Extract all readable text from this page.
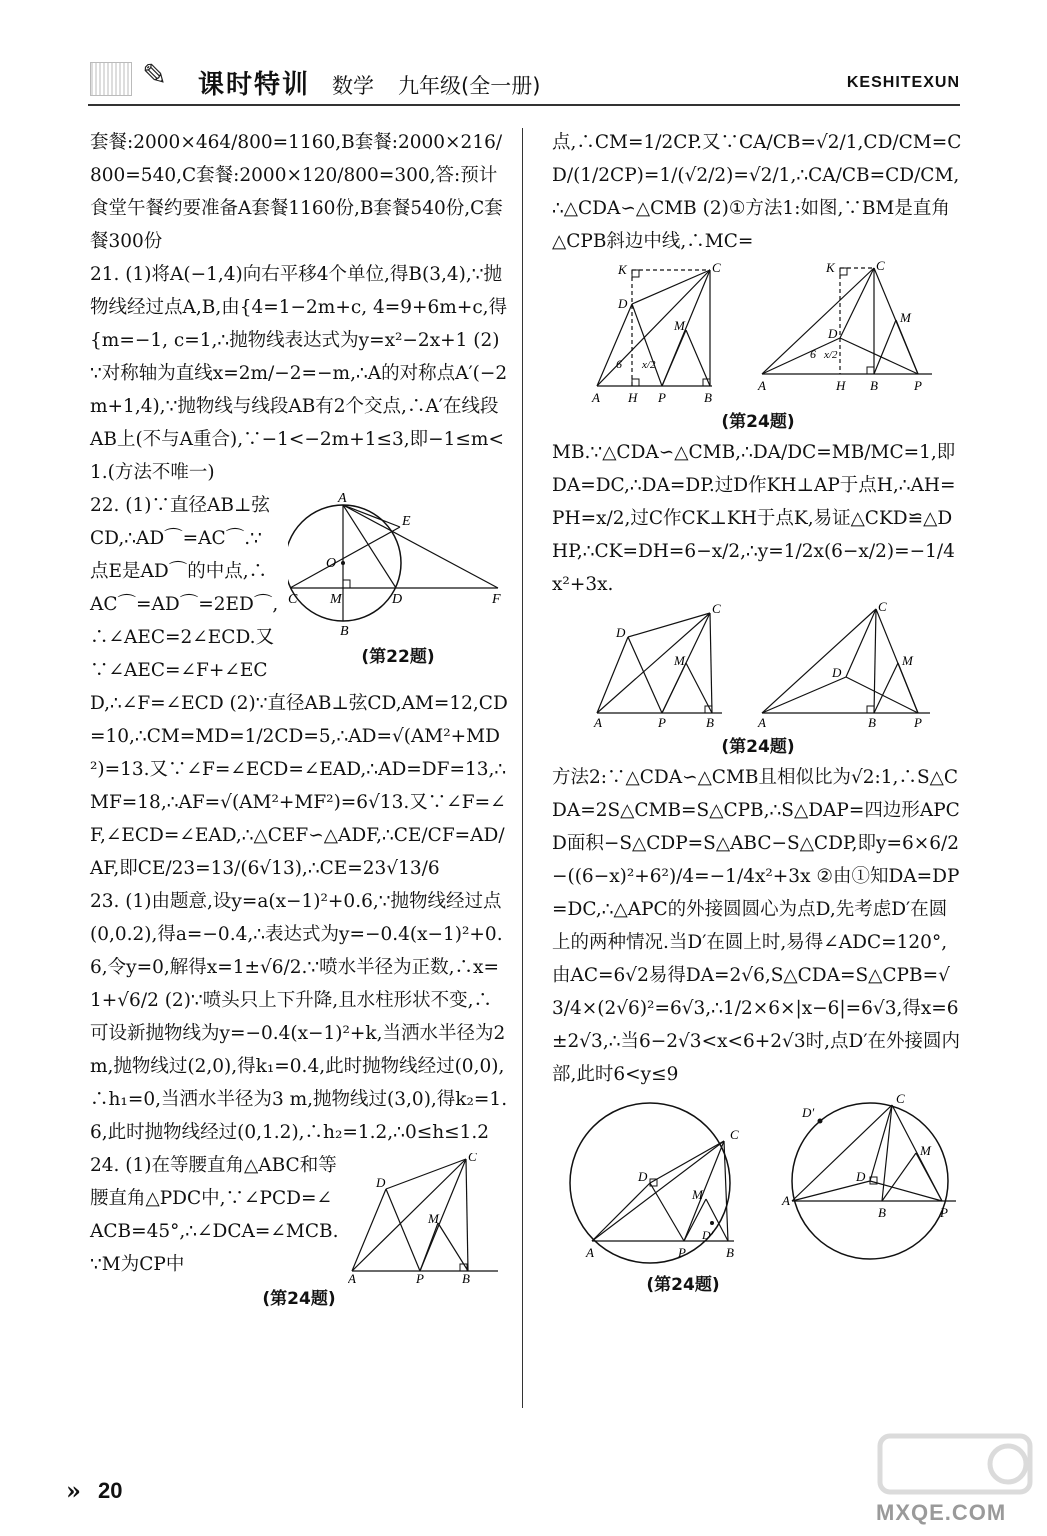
✎ 课时特训 数学 九年级(全一册)	KESHITEXUN

套餐:2000×464/800=1160,B套餐:2000×216/800=540,C套餐:2000×120/800=300,答:预计食堂午餐约要准备A套餐1160份,B套餐540份,C套餐300份

21. (1)将A(−1,4)向右平移4个单位,得B(3,4),∵抛物线经过点A,B,由{4=1−2m+c, 4=9+6m+c,得{m=−1, c=1,∴抛物线表达式为y=x²−2x+1 (2)∵对称轴为直线x=2m/−2=−m,∴A的对称点A′(−2m+1,4),∵抛物线与线段AB有2个交点,∴A′在线段AB上(不与A重合),∵−1<−2m+1≤3,即−1≤m<1.(方法不唯一)

A
E
O
C M	D	F
B
(第22题)

22. (1)∵直径AB⊥弦CD,∴AD⌒=AC⌒.∵点E是AD⌒的中点,∴AC⌒=AD⌒=2ED⌒,∴∠AEC=2∠ECD.又∵∠AEC=∠F+∠ECD,∴∠F=∠ECD (2)∵直径AB⊥弦CD,AM=12,CD=10,∴CM=MD=1/2CD=5,∴AD=√(AM²+MD²)=13.又∵∠F=∠ECD=∠EAD,∴AD=DF=13,∴MF=18,∴AF=√(AM²+MF²)=6√13.又∵∠F=∠F,∠ECD=∠EAD,∴△CEF∽△ADF,∴CE/CF=AD/AF,即CE/23=13/(6√13),∴CE=23√13/6

23. (1)由题意,设y=a(x−1)²+0.6,∵抛物线经过点(0,0.2),得a=−0.4,∴表达式为y=−0.4(x−1)²+0.6,令y=0,解得x=1±√6/2.∵喷水半径为正数,∴x=1+√6/2 (2)∵喷头只上下升降,且水柱形状不变,∴可设新抛物线为y=−0.4(x−1)²+k,当洒水半径为2 m,抛物线过(2,0),得k₁=0.4,此时抛物线经过(0,0),∴h₁=0,当洒水半径为3 m,抛物线过(3,0),得k₂=1.6,此时抛物线经过(0,1.2),∴h₂=1.2,∴0≤h≤1.2

D
C
M
A	P	B

24. (1)在等腰直角△ABC和等腰直角△PDC中,∵∠PCD=∠ACB=45°,∴∠DCA=∠MCB.∵M为CP中

(第24题)

点,∴CM=1/2CP.又∵CA/CB=√2/1,CD/CM=CD/(1/2CP)=1/(√2/2)=√2/1,∴CA/CB=CD/CM,∴△CDA∽△CMB (2)①方法1:如图,∵BM是直角△CPB斜边中线,∴MC=

K	C
D
M
6 x/2
A H P	B
K	C
D
M
6 x/2
A	H B	P
(第24题)

MB.∵△CDA∽△CMB,∴DA/DC=MB/MC=1,即DA=DC,∴DA=DP.过D作KH⊥AP于点H,∴AH=PH=x/2,过C作CK⊥KH于点K,易证△CKD≌△DHP,∴CK=DH=6−x/2,∴y=1/2x(6−x/2)=−1/4x²+3x.

D
C
M
A	P	B
C
D
M
A	B	P
(第24题)

方法2:∵△CDA∽△CMB且相似比为√2:1,∴S△CDA=2S△CMB=S△CPB,∴S△DAP=四边形APCD面积−S△CDP=S△ABC−S△CDP,即y=6×6/2−((6−x)²+6²)/4=−1/4x²+3x ②由①知DA=DP=DC,∴△APC的外接圆圆心为点D,先考虑D′在圆上的两种情况.当D′在圆上时,易得∠ADC=120°,由AC=6√2易得DA=2√6,S△CDA=S△CPB=√3/4×(2√6)²=6√3,∴1/2×6×|x−6|=6√3,得x=6±2√3,∴当6−2√3<x<6+2√3时,点D′在外接圆内部,此时6<y≤9

C
D
M
D′
A	P	B
D′
C
D
M
A
B	P
(第24题)
» 20
MXQE.COM
